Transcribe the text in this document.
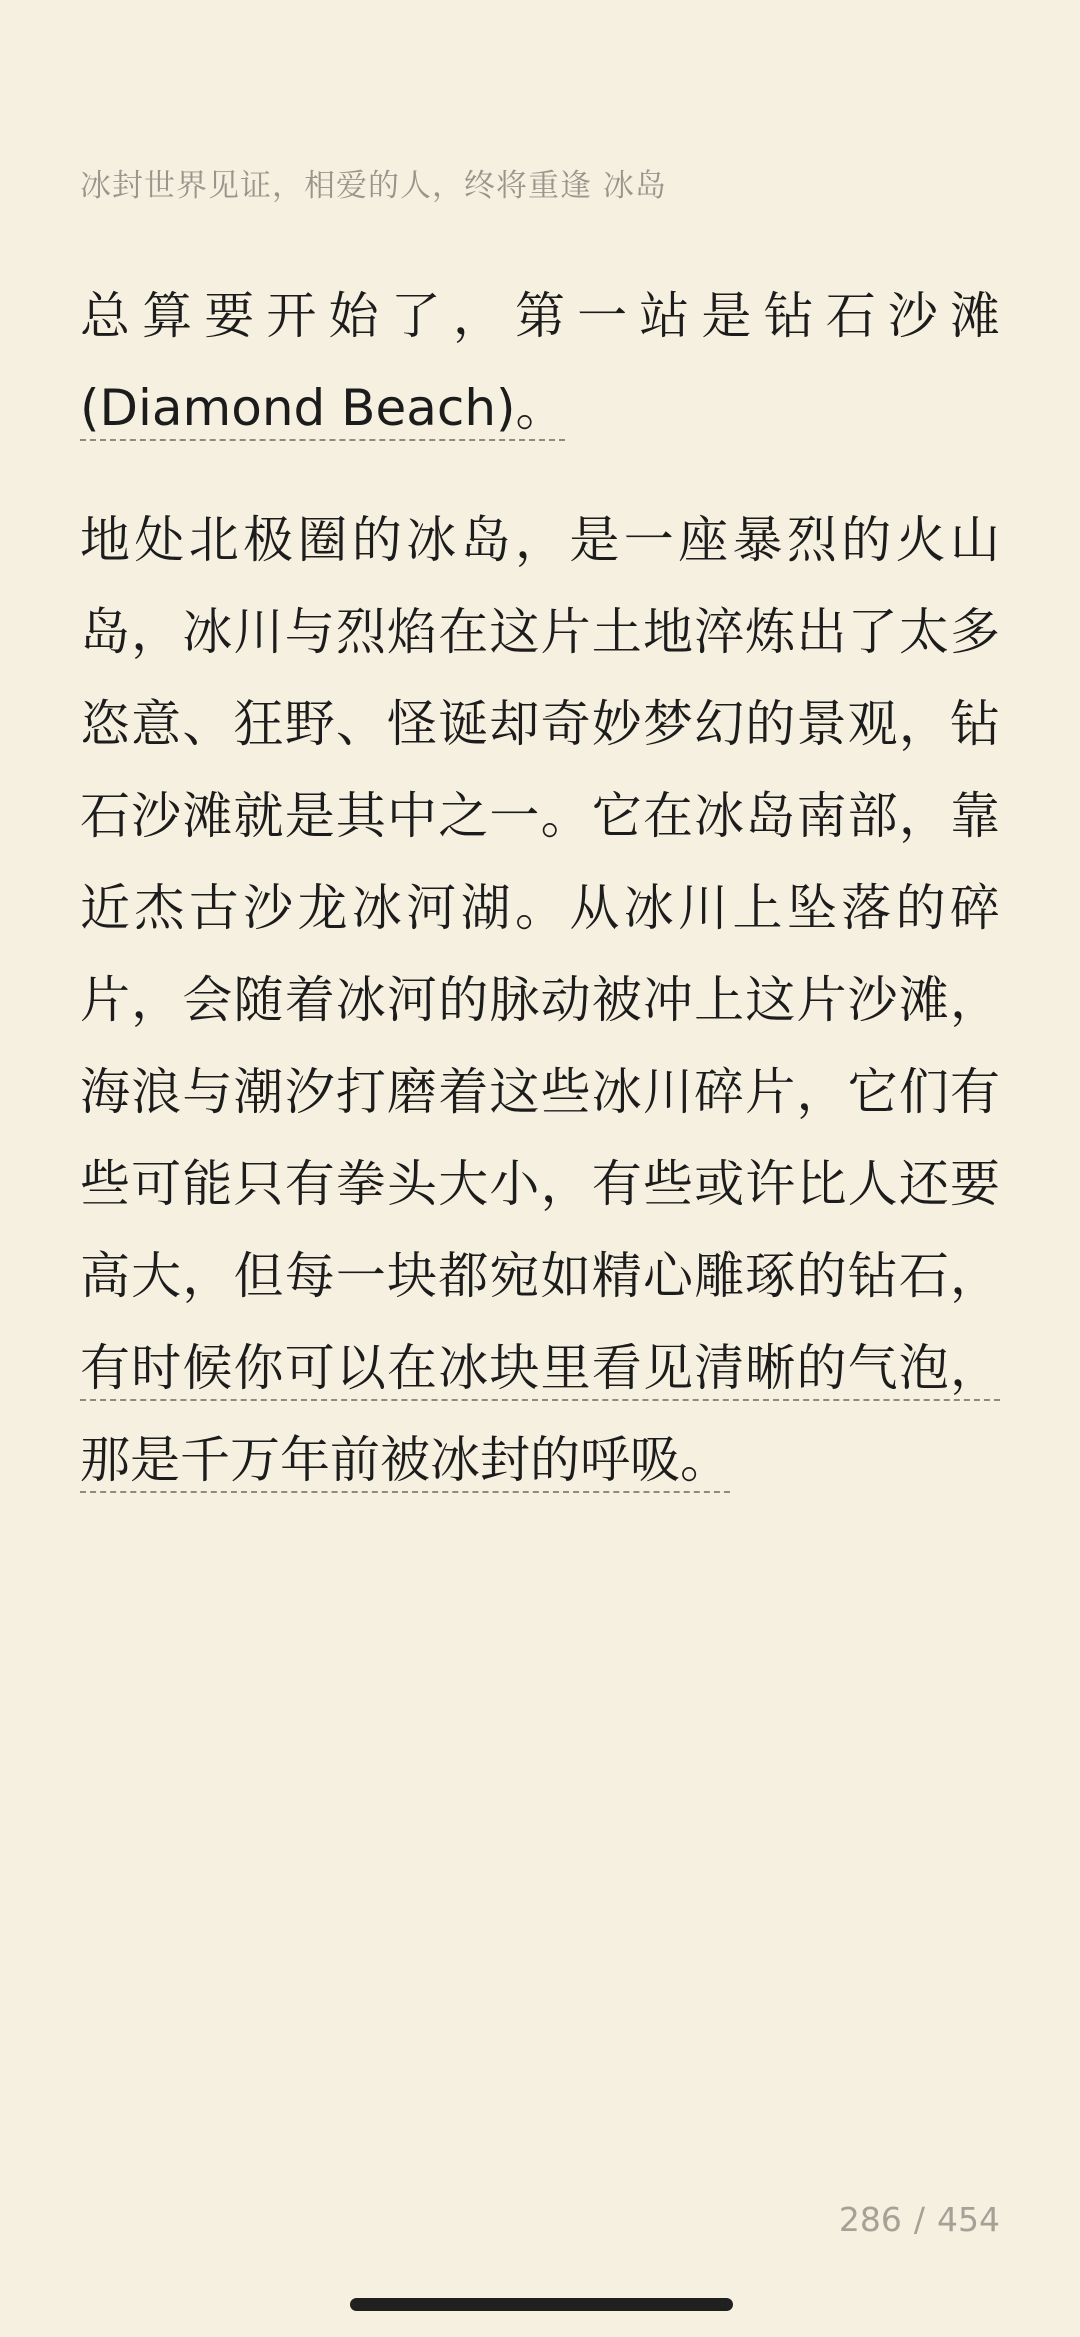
冰封世界见证，相爱的人，终将重逢 冰岛

总算要开始了，第一站是钻石沙滩(Diamond Beach)。

地处北极圈的冰岛，是一座暴烈的火山岛，冰川与烈焰在这片土地淬炼出了太多恣意、狂野、怪诞却奇妙梦幻的景观，钻石沙滩就是其中之一。它在冰岛南部，靠近杰古沙龙冰河湖。从冰川上坠落的碎片，会随着冰河的脉动被冲上这片沙滩，海浪与潮汐打磨着这些冰川碎片，它们有些可能只有拳头大小，有些或许比人还要高大，但每一块都宛如精心雕琢的钻石，有时候你可以在冰块里看见清晰的气泡，那是千万年前被冰封的呼吸。

286 / 454
